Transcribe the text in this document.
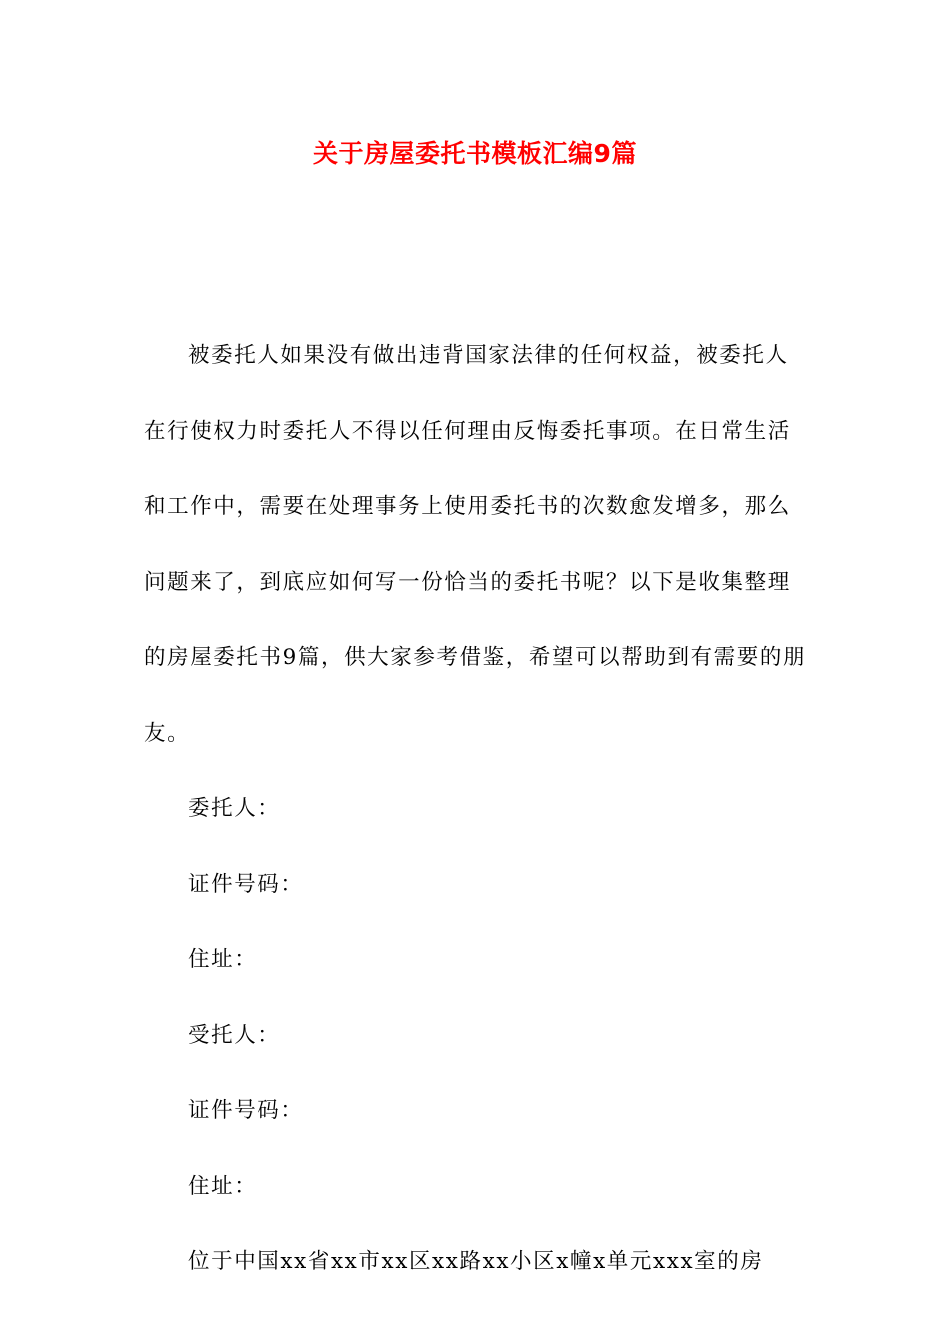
关于房屋委托书模板汇编9篇

被委托人如果没有做出违背国家法律的任何权益，被委托人在行使权力时委托人不得以任何理由反悔委托事项。在日常生活和工作中，需要在处理事务上使用委托书的次数愈发增多，那么问题来了，到底应如何写一份恰当的委托书呢？以下是收集整理的房屋委托书9篇，供大家参考借鉴，希望可以帮助到有需要的朋友。

委托人：

证件号码：

住址：

受托人：

证件号码：

住址：

位于中国xx省xx市xx区xx路xx小区x幢x单元xxx室的房
